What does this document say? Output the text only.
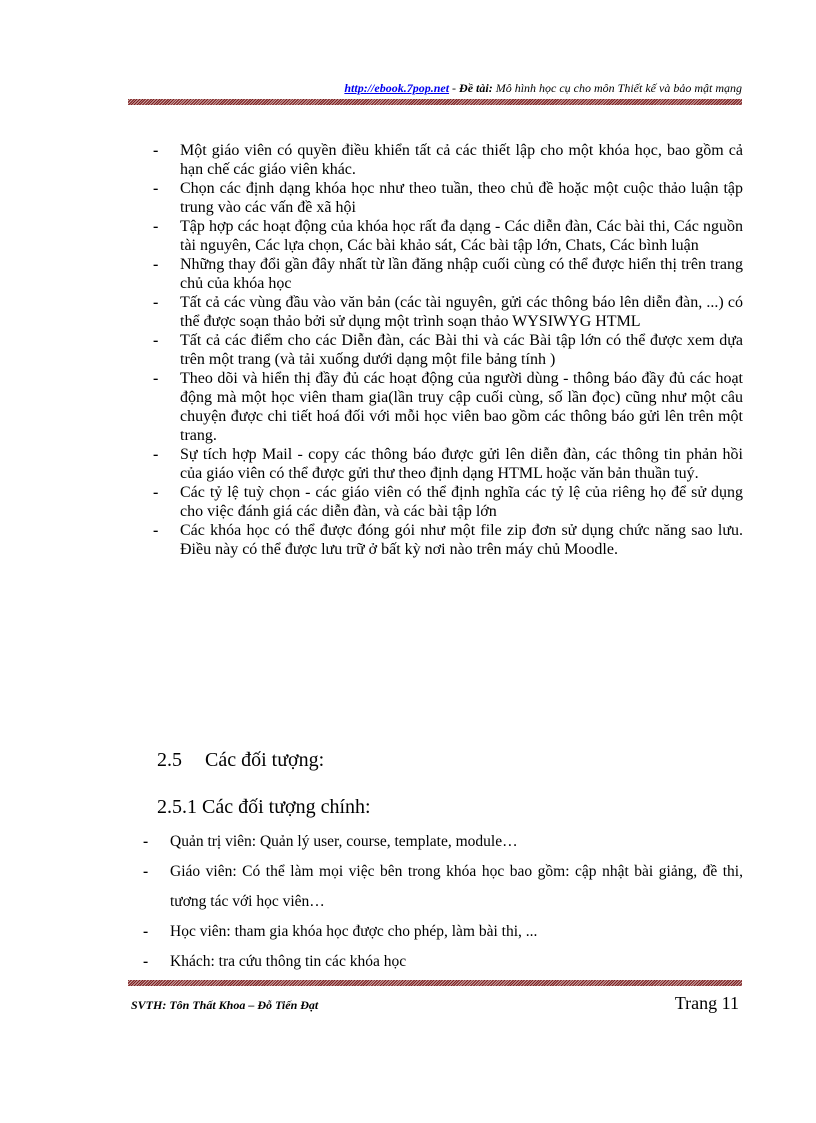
http://ebook.7pop.net - Đề tài: Mô hình học cụ cho môn Thiết kế và bảo mật mạng
- Một giáo viên có quyền điều khiển tất cả các thiết lập cho một khóa học, bao gồm cả hạn chế các giáo viên khác.
- Chọn các định dạng khóa học như theo tuần, theo chủ đề hoặc một cuộc thảo luận tập trung vào các vấn đề xã hội
- Tập hợp các hoạt động của khóa học rất đa dạng - Các diễn đàn, Các bài thi, Các nguồn tài nguyên, Các lựa chọn, Các bài khảo sát, Các bài tập lớn, Chats, Các bình luận
- Những thay đổi gần đây nhất từ lần đăng nhập cuối cùng có thể được hiển thị trên trang chủ của khóa học
- Tất cả các vùng đầu vào văn bản (các tài nguyên, gửi các thông báo lên diễn đàn, ...) có thể được soạn thảo bởi sử dụng một trình soạn thảo WYSIWYG HTML
- Tất cả các điểm cho các Diễn đàn, các Bài thi và các Bài tập lớn có thể được xem dựa trên một trang (và tải xuống dưới dạng một file bảng tính )
- Theo dõi và hiển thị đầy đủ các hoạt động của người dùng - thông báo đầy đủ các hoạt động mà một học viên tham gia(lần truy cập cuối cùng, số lần đọc) cũng như một câu chuyện được chi tiết hoá đối với mỗi học viên bao gồm các thông báo gửi lên trên một trang.
- Sự tích hợp Mail - copy các thông báo được gửi lên diễn đàn, các thông tin phản hồi của giáo viên có thể được gửi thư theo định dạng HTML hoặc văn bản thuần tuý.
- Các tỷ lệ tuỳ chọn - các giáo viên có thể định nghĩa các tỷ lệ của riêng họ để sử dụng cho việc đánh giá các diễn đàn, và các bài tập lớn
- Các khóa học có thể được đóng gói như một file zip đơn sử dụng chức năng sao lưu. Điều này có thể được lưu trữ ở bất kỳ nơi nào trên máy chủ Moodle.
2.5 Các đối tượng:
2.5.1 Các đối tượng chính:
- Quản trị viên: Quản lý user, course, template, module…
- Giáo viên: Có thể làm mọi việc bên trong khóa học bao gồm: cập nhật bài giảng, đề thi, tương tác với học viên…
- Học viên: tham gia khóa học được cho phép, làm bài thi, ...
- Khách: tra cứu thông tin các khóa học
SVTH: Tôn Thất Khoa – Đỗ Tiến Đạt	Trang 11
